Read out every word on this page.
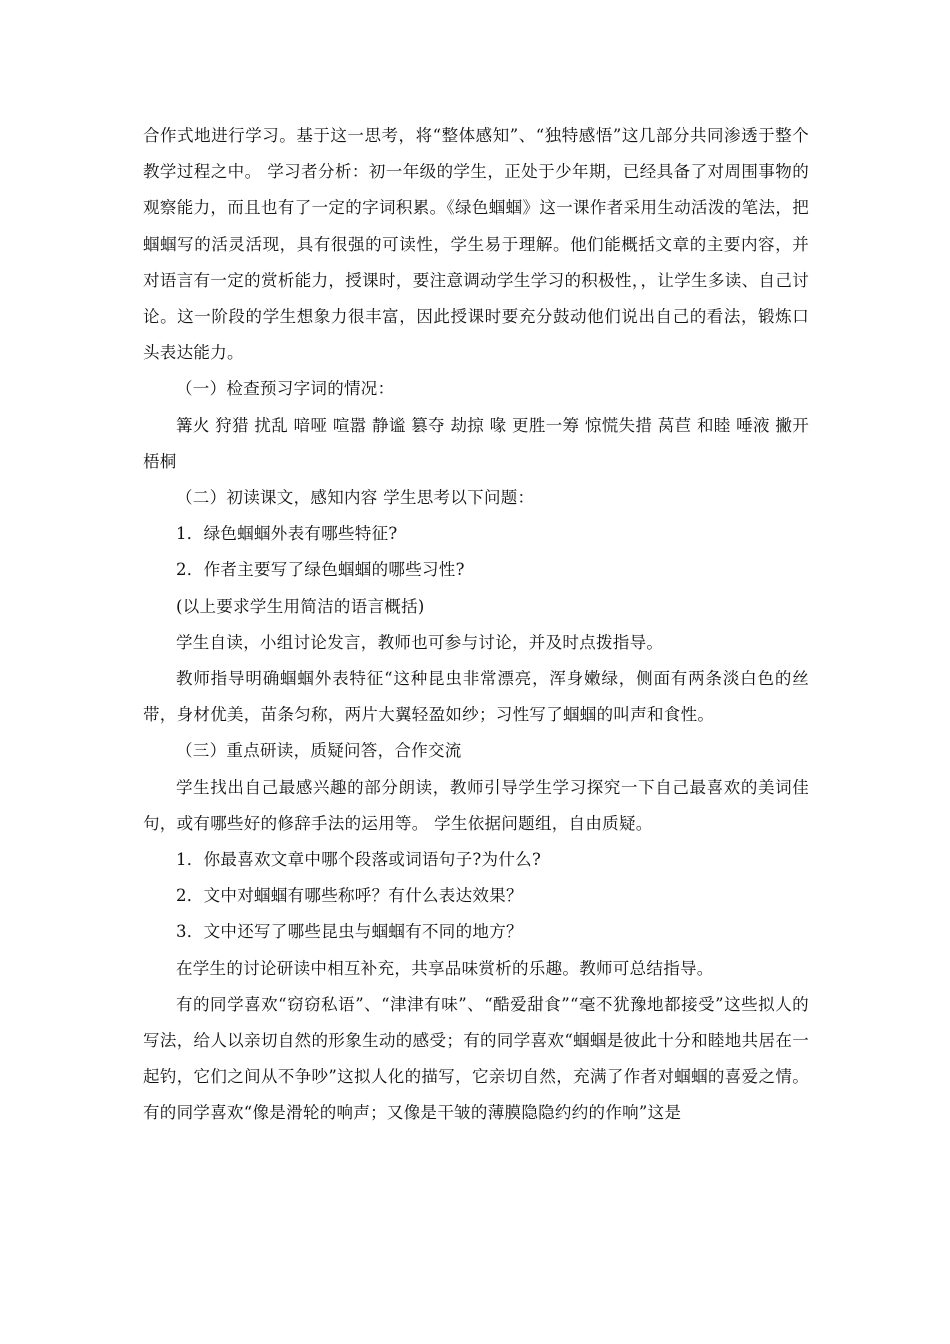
合作式地进行学习。基于这一思考，将“整体感知”、“独特感悟”这几部分共同渗透于整个教学过程之中。 学习者分析：初一年级的学生，正处于少年期，已经具备了对周围事物的观察能力，而且也有了一定的字词积累。《绿色蝈蝈》这一课作者采用生动活泼的笔法，把蝈蝈写的活灵活现，具有很强的可读性，学生易于理解。他们能概括文章的主要内容，并对语言有一定的赏析能力，授课时，要注意调动学生学习的积极性，，让学生多读、自己讨论。这一阶段的学生想象力很丰富，因此授课时要充分鼓动他们说出自己的看法，锻炼口头表达能力。

（一）检查预习字词的情况：

篝火 狩猎 扰乱 喑哑 喧嚣 静谧 篡夺 劫掠 喙 更胜一筹 惊慌失措 莴苣 和睦 唾液 撇开 梧桐

（二）初读课文，感知内容 学生思考以下问题：

1．绿色蝈蝈外表有哪些特征?

2．作者主要写了绿色蝈蝈的哪些习性?

(以上要求学生用简洁的语言概括)

学生自读，小组讨论发言，教师也可参与讨论，并及时点拨指导。

教师指导明确蝈蝈外表特征“这种昆虫非常漂亮，浑身嫩绿，侧面有两条淡白色的丝带，身材优美，苗条匀称，两片大翼轻盈如纱；习性写了蝈蝈的叫声和食性。

（三）重点研读，质疑问答，合作交流

学生找出自己最感兴趣的部分朗读，教师引导学生学习探究一下自己最喜欢的美词佳句，或有哪些好的修辞手法的运用等。 学生依据问题组，自由质疑。

1．你最喜欢文章中哪个段落或词语句子?为什么?

2．文中对蝈蝈有哪些称呼？有什么表达效果？

3．文中还写了哪些昆虫与蝈蝈有不同的地方？

在学生的讨论研读中相互补充，共享品味赏析的乐趣。教师可总结指导。

有的同学喜欢“窃窃私语”、“津津有味”、“酷爱甜食”“毫不犹豫地都接受”这些拟人的写法，给人以亲切自然的形象生动的感受；有的同学喜欢“蝈蝈是彼此十分和睦地共居在一起钓，它们之间从不争吵”这拟人化的描写，它亲切自然，充满了作者对蝈蝈的喜爱之情。有的同学喜欢“像是滑轮的响声；又像是干皱的薄膜隐隐约约的作响”这是
